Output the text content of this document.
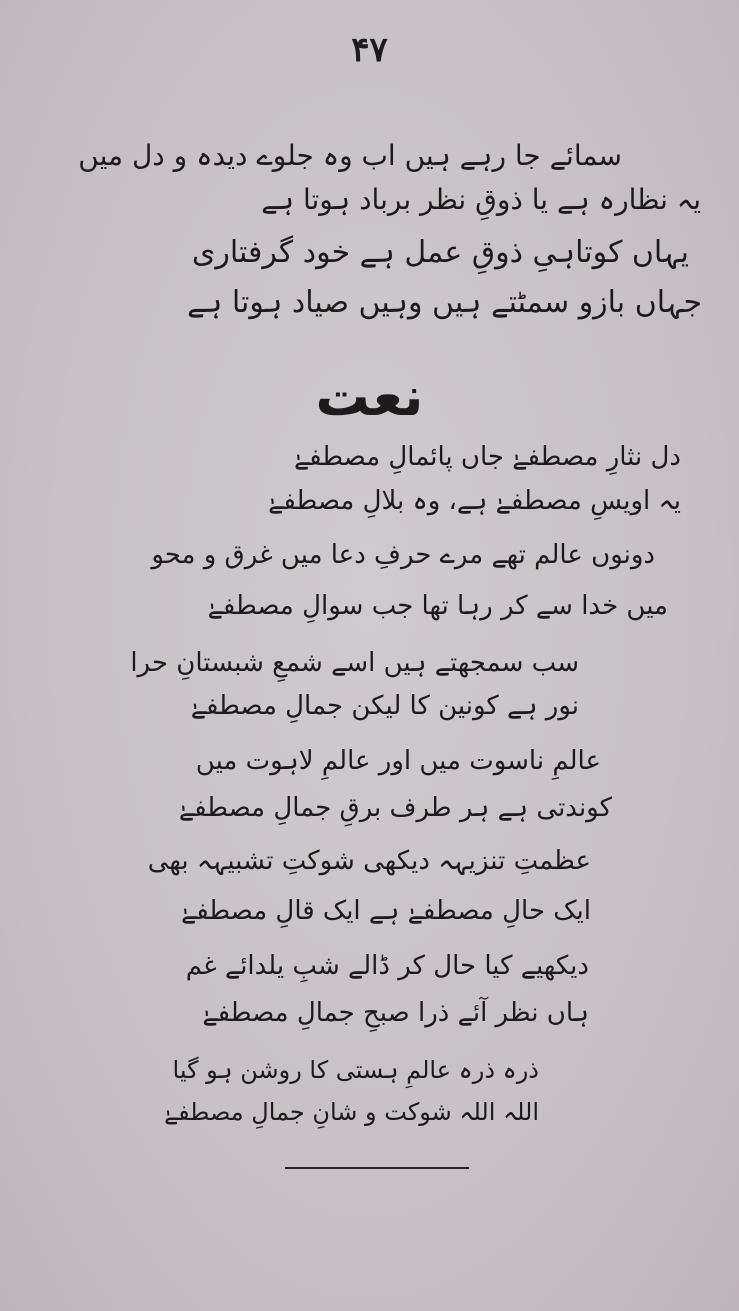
۴۷
سمائے جا رہے ہیں اب وہ جلوے دیدہ و دل میں
یہ نظارہ ہے یا ذوقِ نظر برباد ہوتا ہے
یہاں کوتاہیِ ذوقِ عمل ہے خود گرفتاری
جہاں بازو سمٹتے ہیں وہیں صیاد ہوتا ہے
نعت
دل نثارِ مصطفےٰ جاں پائمالِ مصطفےٰ
یہ اویسِ مصطفےٰ ہے، وہ بلالِ مصطفےٰ
دونوں عالم تھے مرے حرفِ دعا میں غرق و محو
میں خدا سے کر رہا تھا جب سوالِ مصطفےٰ
سب سمجھتے ہیں اسے شمعِ شبستانِ حرا
نور ہے کونین کا لیکن جمالِ مصطفےٰ
عالمِ ناسوت میں اور عالمِ لاہوت میں
کوندتی ہے ہر طرف برقِ جمالِ مصطفےٰ
عظمتِ تنزیہہ دیکھی شوکتِ تشبیہہ بھی
ایک حالِ مصطفےٰ ہے ایک قالِ مصطفےٰ
دیکھیے کیا حال کر ڈالے شبِ یلدائے غم
ہاں نظر آئے ذرا صبحِ جمالِ مصطفےٰ
ذرہ ذرہ عالمِ ہستی کا روشن ہو گیا
اللہ اللہ شوکت و شانِ جمالِ مصطفےٰ
